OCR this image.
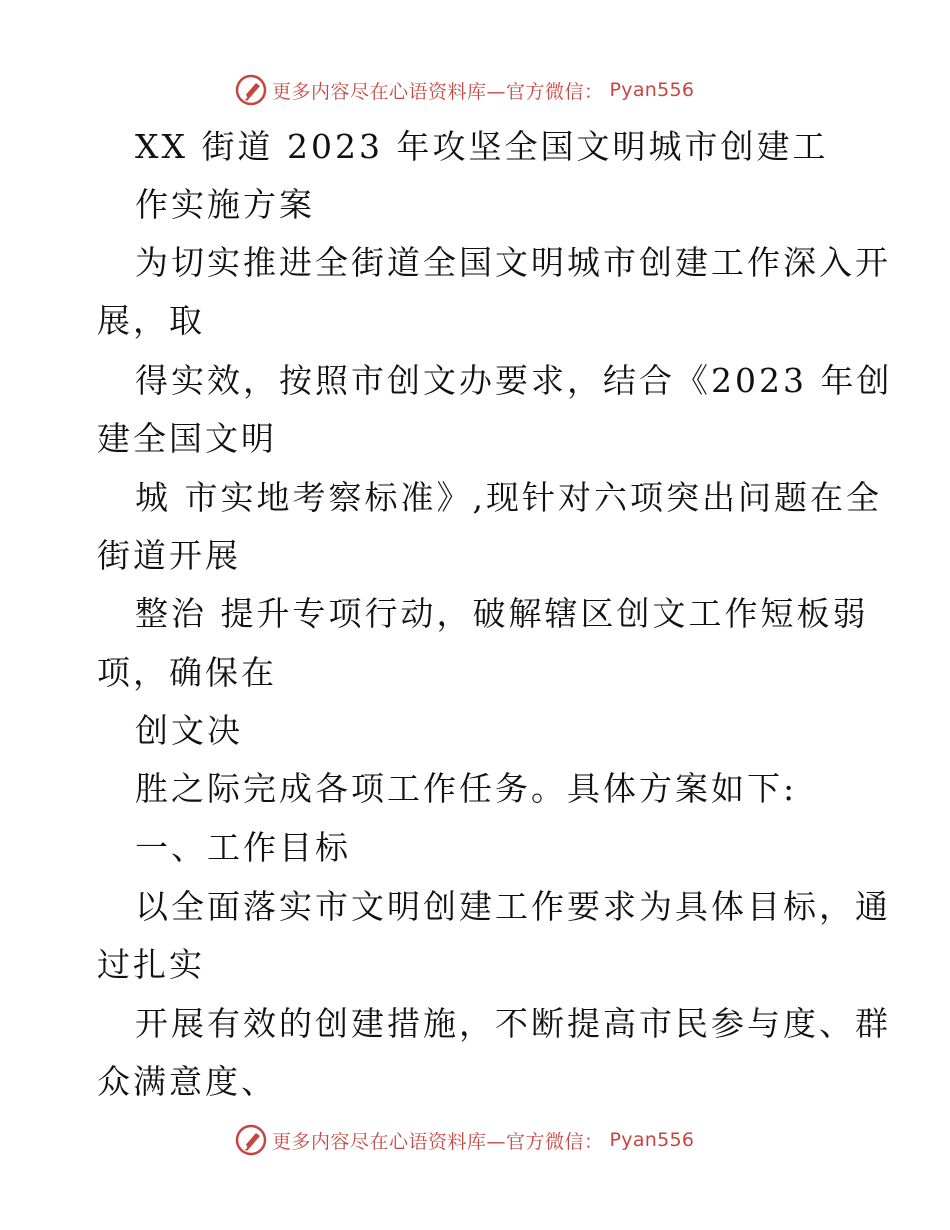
更多内容尽在心语资料库—官方微信： Pyan556
XX 街道 2023 年攻坚全国文明城市创建工
作实施方案
为切实推进全街道全国文明城市创建工作深入开
展，取
得实效，按照市创文办要求，结合《2023 年创
建全国文明
城 市实地考察标准》,现针对六项突出问题在全
街道开展
整治 提升专项行动，破解辖区创文工作短板弱
项，确保在
创文决
胜之际完成各项工作任务。具体方案如下:
一、工作目标
以全面落实市文明创建工作要求为具体目标，通
过扎实
开展有效的创建措施，不断提高市民参与度、群
众满意度、
更多内容尽在心语资料库—官方微信： Pyan556
